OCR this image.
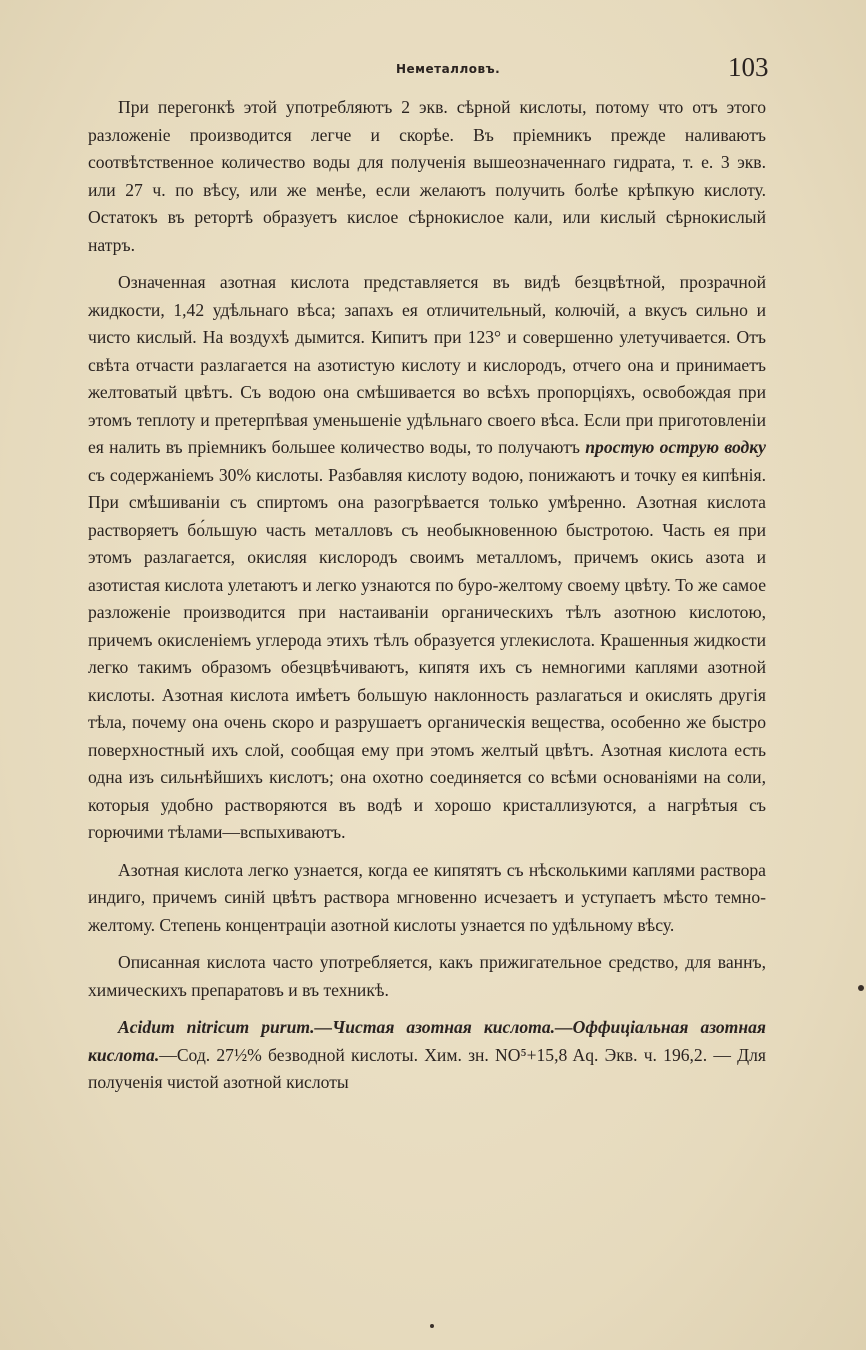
Неметалловъ.	103

При перегонкѣ этой употребляютъ 2 экв. сѣрной кислоты, потому что отъ этого разложеніе производится легче и скорѣе. Въ пріемникъ прежде наливаютъ соотвѣтственное количество воды для полученія вышеозначеннаго гидрата, т. е. 3 экв. или 27 ч. по вѣсу, или же менѣе, если желаютъ получить болѣе крѣпкую кислоту. Остатокъ въ ретортѣ образуетъ кислое сѣрнокислое кали, или кислый сѣрнокислый натръ.

Означенная азотная кислота представляется въ видѣ безцвѣтной, прозрачной жидкости, 1,42 удѣльнаго вѣса; запахъ ея отличительный, колючій, а вкусъ сильно и чисто кислый. На воздухѣ дымится. Кипитъ при 123° и совершенно улетучивается. Отъ свѣта отчасти разлагается на азотистую кислоту и кислородъ, отчего она и принимаетъ желтоватый цвѣтъ. Съ водою она смѣшивается во всѣхъ пропорціяхъ, освобождая при этомъ теплоту и претерпѣвая уменьшеніе удѣльнаго своего вѣса. Если при приготовленіи ея налить въ пріемникъ большее количество воды, то получаютъ простую острую водку съ содержаніемъ 30% кислоты. Разбавляя кислоту водою, понижаютъ и точку ея кипѣнія. При смѣшиваніи съ спиртомъ она разогрѣвается только умѣренно. Азотная кислота растворяетъ бо́льшую часть металловъ съ необыкновенною быстротою. Часть ея при этомъ разлагается, окисляя кислородъ своимъ металломъ, причемъ окись азота и азотистая кислота улетаютъ и легко узнаются по буро-желтому своему цвѣту. То же самое разложеніе производится при настаиваніи органическихъ тѣлъ азотною кислотою, причемъ окисленіемъ углерода этихъ тѣлъ образуется углекислота. Крашенныя жидкости легко такимъ образомъ обезцвѣчиваютъ, кипятя ихъ съ немногими каплями азотной кислоты. Азотная кислота имѣетъ большую наклонность разлагаться и окислять другія тѣла, почему она очень скоро и разрушаетъ органическія вещества, особенно же быстро поверхностный ихъ слой, сообщая ему при этомъ желтый цвѣтъ. Азотная кислота есть одна изъ сильнѣйшихъ кислотъ; она охотно соединяется со всѣми основаніями на соли, которыя удобно растворяются въ водѣ и хорошо кристаллизуются, а нагрѣтыя съ горючими тѣлами—вспыхиваютъ.

Азотная кислота легко узнается, когда ее кипятятъ съ нѣсколькими каплями раствора индиго, причемъ синій цвѣтъ раствора мгновенно исчезаетъ и уступаетъ мѣсто темно-желтому. Степень концентраціи азотной кислоты узнается по удѣльному вѣсу.

Описанная кислота часто употребляется, какъ прижигательное средство, для ваннъ, химическихъ препаратовъ и въ техникѣ.

Acidum nitricum purum.—Чистая азотная кислота.—Оффиціальная азотная кислота.—Сод. 27½% безводной кислоты. Хим. зн. NO⁵+15,8 Aq. Экв. ч. 196,2. — Для полученія чистой азотной кислоты
